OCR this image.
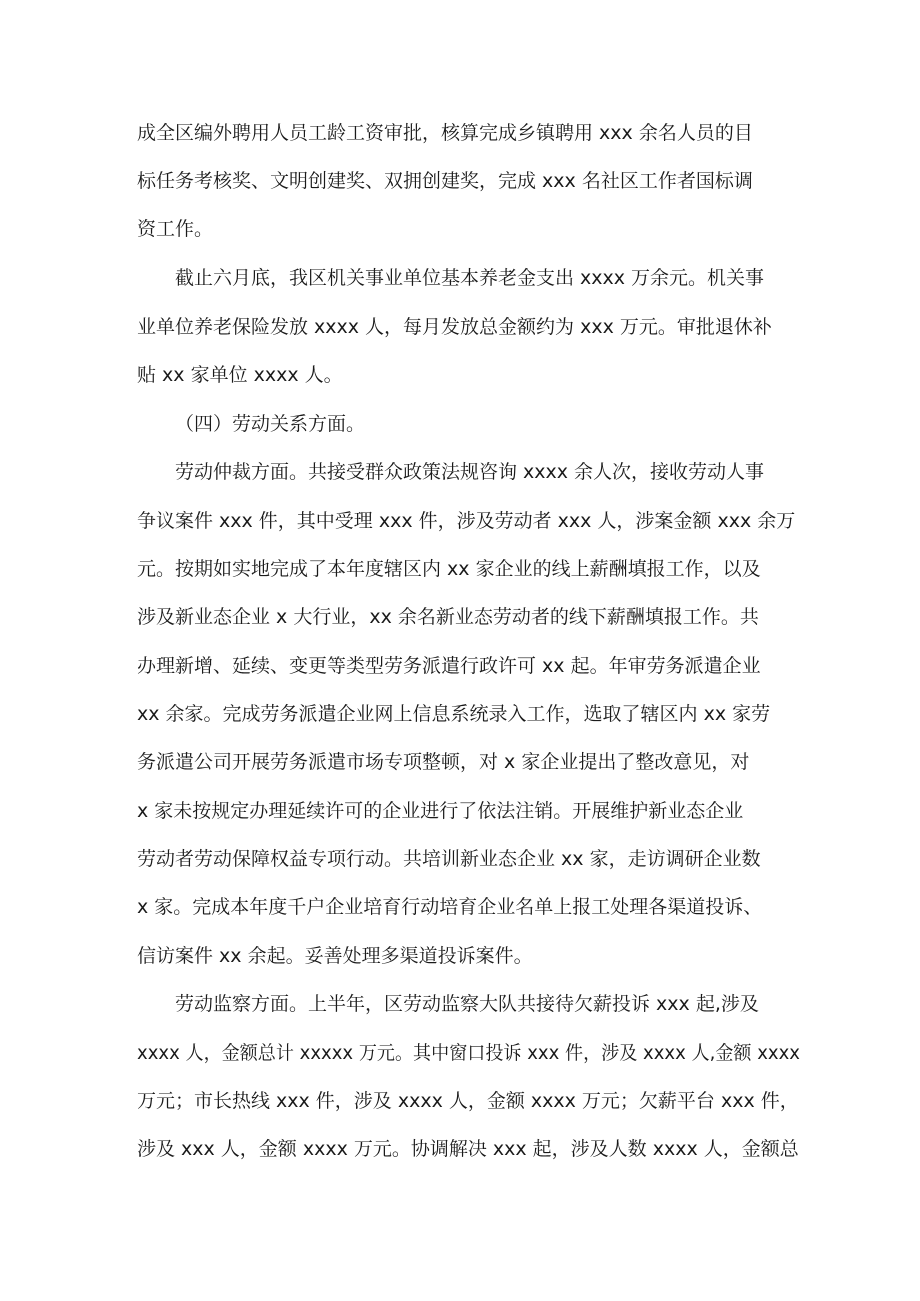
成全区编外聘用人员工龄工资审批，核算完成乡镇聘用 xxx 余名人员的目
标任务考核奖、文明创建奖、双拥创建奖，完成 xxx 名社区工作者国标调
资工作。
截止六月底，我区机关事业单位基本养老金支出 xxxx 万余元。机关事
业单位养老保险发放 xxxx 人，每月发放总金额约为 xxx 万元。审批退休补
贴 xx 家单位 xxxx 人。
（四）劳动关系方面。
劳动仲裁方面。共接受群众政策法规咨询 xxxx 余人次，接收劳动人事
争议案件 xxx 件，其中受理 xxx 件，涉及劳动者 xxx 人，涉案金额 xxx 余万
元。按期如实地完成了本年度辖区内 xx 家企业的线上薪酬填报工作，以及
涉及新业态企业 x 大行业，xx 余名新业态劳动者的线下薪酬填报工作。共
办理新增、延续、变更等类型劳务派遣行政许可 xx 起。年审劳务派遣企业
xx 余家。完成劳务派遣企业网上信息系统录入工作，选取了辖区内 xx 家劳
务派遣公司开展劳务派遣市场专项整顿，对 x 家企业提出了整改意见，对
x 家未按规定办理延续许可的企业进行了依法注销。开展维护新业态企业
劳动者劳动保障权益专项行动。共培训新业态企业 xx 家，走访调研企业数
x 家。完成本年度千户企业培育行动培育企业名单上报工处理各渠道投诉、
信访案件 xx 余起。妥善处理多渠道投诉案件。
劳动监察方面。上半年，区劳动监察大队共接待欠薪投诉 xxx 起,涉及
xxxx 人，金额总计 xxxxx 万元。其中窗口投诉 xxx 件，涉及 xxxx 人,金额 xxxx
万元；市长热线 xxx 件，涉及 xxxx 人，金额 xxxx 万元；欠薪平台 xxx 件，
涉及 xxx 人，金额 xxxx 万元。协调解决 xxx 起，涉及人数 xxxx 人，金额总
